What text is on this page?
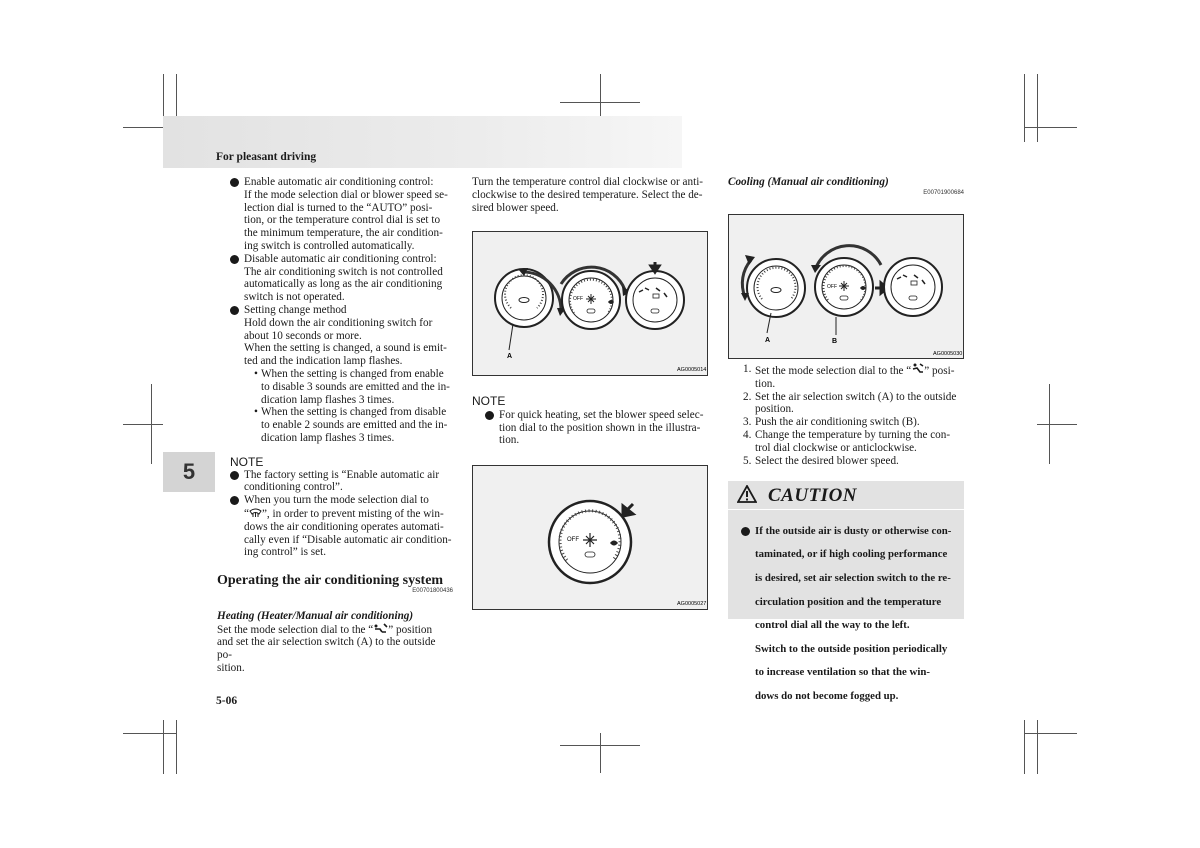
For pleasant driving
5

Enable automatic air conditioning control:

If the mode selection dial or blower speed se-

lection dial is turned to the “AUTO” posi-

tion, or the temperature control dial is set to

the minimum temperature, the air condition-

ing switch is controlled automatically.

Disable automatic air conditioning control:

The air conditioning switch is not controlled

automatically as long as the air conditioning

switch is not operated.

Setting change method

Hold down the air conditioning switch for

about 10 seconds or more.

When the setting is changed, a sound is emit-

ted and the indication lamp flashes.

• When the setting is changed from enable

to disable 3 sounds are emitted and the in-

dication lamp flashes 3 times.

• When the setting is changed from disable

to enable 2 sounds are emitted and the in-

dication lamp flashes 3 times.

NOTE

The factory setting is “Enable automatic air

conditioning control”.

When you turn the mode selection dial to

“ ”, in order to prevent misting of the win-

dows the air conditioning operates automati-

cally even if “Disable automatic air condition-

ing control” is set.

Operating the air conditioning system

E00701800436

Heating (Heater/Manual air conditioning)

Set the mode selection dial to the “ ” position

and set the air selection switch (A) to the outside po-

sition.

Turn the temperature control dial clockwise or anti-

clockwise to the desired temperature. Select the de-

sired blower speed.

A
OFF
AG0005014

NOTE

For quick heating, set the blower speed selec-

tion dial to the position shown in the illustra-

tion.

OFF
AG0005027

Cooling (Manual air conditioning)

E00701900684

A
OFF
B
AG0005030
1. Set the mode selection dial to the “ ” posi-

tion.

2. Set the air selection switch (A) to the outside

position.

3. Push the air conditioning switch (B).

4. Change the temperature by turning the con-

trol dial clockwise or anticlockwise.

5. Select the desired blower speed.

CAUTION

If the outside air is dusty or otherwise con-

taminated, or if high cooling performance

is desired, set air selection switch to the re-

circulation position and the temperature

control dial all the way to the left.

Switch to the outside position periodically

to increase ventilation so that the win-

dows do not become fogged up.

5-06
